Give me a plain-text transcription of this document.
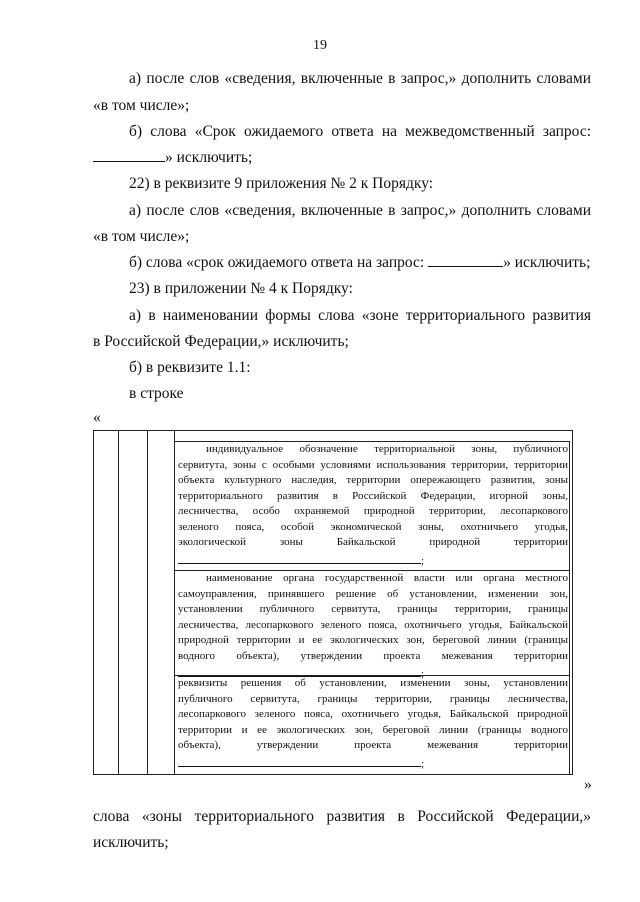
19
а) после слов «сведения, включенные в запрос,» дополнить словами
«в том числе»;
б) слова «Срок ожидаемого ответа на межведомственный запрос:
» исключить;
22) в реквизите 9 приложения № 2 к Порядку:
а) после слов «сведения, включенные в запрос,» дополнить словами
«в том числе»;
б) слова «срок ожидаемого ответа на запрос:	» исключить;
23) в приложении № 4 к Порядку:
а) в наименовании формы слова «зоне территориального развития
в Российской Федерации,» исключить;
б) в реквизите 1.1:
в строке
«
индивидуальное обозначение территориальной зоны, публичного
сервитута, зоны с особыми условиями использования территории, территории
объекта культурного наследия, территории опережающего развития, зоны
территориального развития в Российской Федерации, игорной зоны,
лесничества, особо охраняемой природной территории, лесопаркового
зеленого пояса, особой экономической зоны, охотничьего угодья,
экологической зоны Байкальской природной территории
;
наименование органа государственной власти или органа местного
самоуправления, принявшего решение об установлении, изменении зон,
установлении публичного сервитута, границы территории, границы
лесничества, лесопаркового зеленого пояса, охотничьего угодья, Байкальской
природной территории и ее экологических зон, береговой линии (границы
водного объекта), утверждении проекта межевания территории
;
реквизиты решения об установлении, изменении зоны, установлении
публичного сервитута, границы территории, границы лесничества,
лесопаркового зеленого пояса, охотничьего угодья, Байкальской природной
территории и ее экологических зон, береговой линии (границы водного
объекта), утверждении проекта межевания территории
;
»
слова «зоны территориального развития в Российской Федерации,»
исключить;
